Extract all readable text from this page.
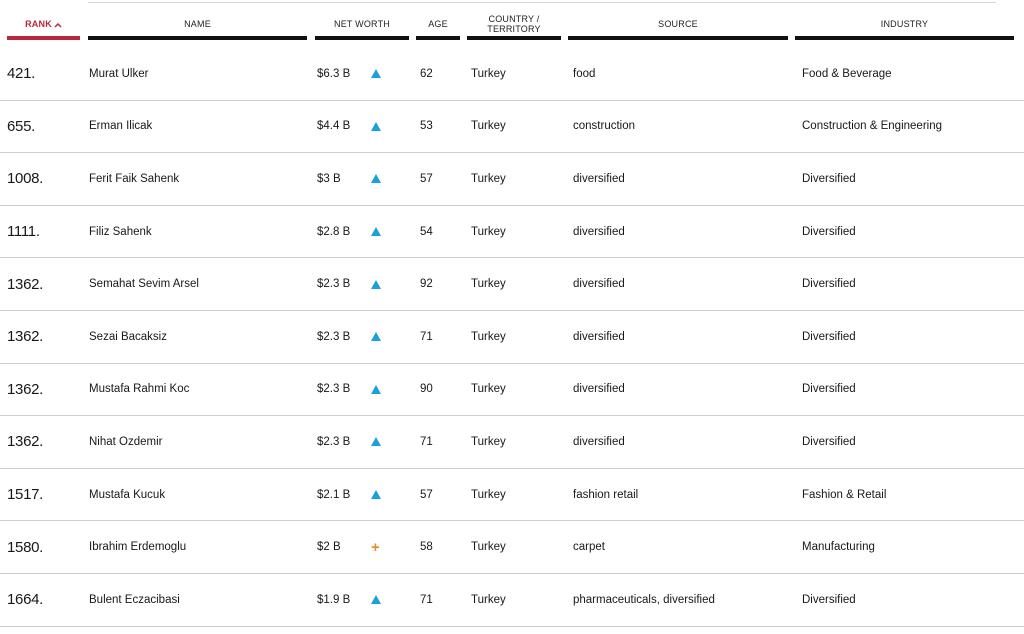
RANK	NAME	NET WORTH	AGE	COUNTRY / TERRITORY	SOURCE	INDUSTRY
421.	Murat Ulker	$6.3 B	62	Turkey	food	Food & Beverage
655.	Erman Ilicak	$4.4 B	53	Turkey	construction	Construction & Engineering
1008.	Ferit Faik Sahenk	$3 B	57	Turkey	diversified	Diversified
1111.	Filiz Sahenk	$2.8 B	54	Turkey	diversified	Diversified
1362.	Semahat Sevim Arsel	$2.3 B	92	Turkey	diversified	Diversified
1362.	Sezai Bacaksiz	$2.3 B	71	Turkey	diversified	Diversified
1362.	Mustafa Rahmi Koc	$2.3 B	90	Turkey	diversified	Diversified
1362.	Nihat Ozdemir	$2.3 B	71	Turkey	diversified	Diversified
1517.	Mustafa Kucuk	$2.1 B	57	Turkey	fashion retail	Fashion & Retail
1580.	Ibrahim Erdemoglu	$2 B +	58	Turkey	carpet	Manufacturing
1664.	Bulent Eczacibasi	$1.9 B	71	Turkey	pharmaceuticals, diversified	Diversified
